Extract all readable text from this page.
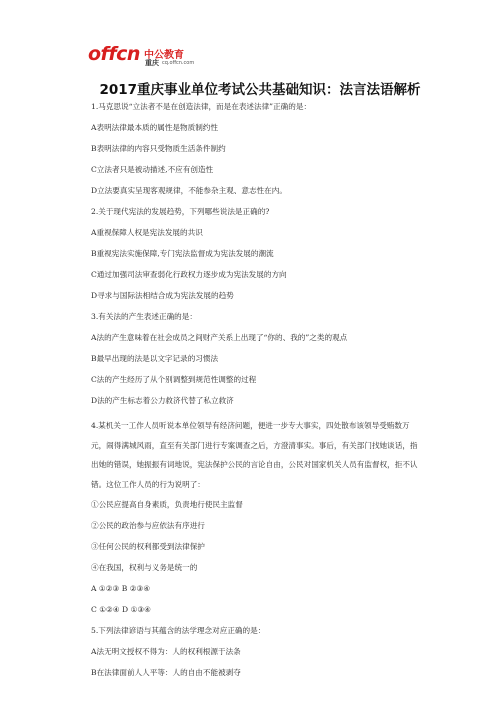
offcn 中公教育
重庆 cq.offcn.com
2017重庆事业单位考试公共基础知识：法言法语解析

1.马克思说“立法者不是在创造法律，而是在表述法律”正确的是：

A表明法律最本质的属性是物质制约性

B表明法律的内容只受物质生活条件制约

C立法者只是被动描述,不应有创造性

D立法要真实呈现客观规律，不能参杂主观、意志性在内。

2.关于现代宪法的发展趋势，下列哪些说法是正确的?

A重视保障人权是宪法发展的共识

B重视宪法实施保障,专门宪法监督成为宪法发展的潮流

C通过加强司法审查弱化行政权力逐步成为宪法发展的方向

D寻求与国际法相结合成为宪法发展的趋势

3.有关法的产生表述正确的是：

A法的产生意味着在社会成员之间财产关系上出现了“你的、我的”之类的观点

B最早出现的法是以文字记录的习惯法

C法的产生经历了从个别调整到规范性调整的过程

D法的产生标志着公力救济代替了私立救济

4.某机关一工作人员听说本单位领导有经济问题，便进一步专大事实，四处散布该领导受贿数万元，闹得满城风雨，直至有关部门进行专案调查之后，方澄清事实。事后，有关部门找她谈话，指出她的错误，她振振有词地说，宪法保护公民的言论自由，公民对国家机关人员有监督权，拒不认错。这位工作人员的行为说明了：

①公民应提高自身素质，负责地行使民主监督

②公民的政治参与应依法有序进行

③任何公民的权利都受到法律保护

④在我国，权利与义务是统一的

A ①②③ B ②③④

C ①②④ D ①③④

5.下列法律谚语与其蕴含的法学理念对应正确的是：

A法无明文授权不得为：人的权利根源于法条

B在法律面前人人平等：人的自由不能被剥夺
